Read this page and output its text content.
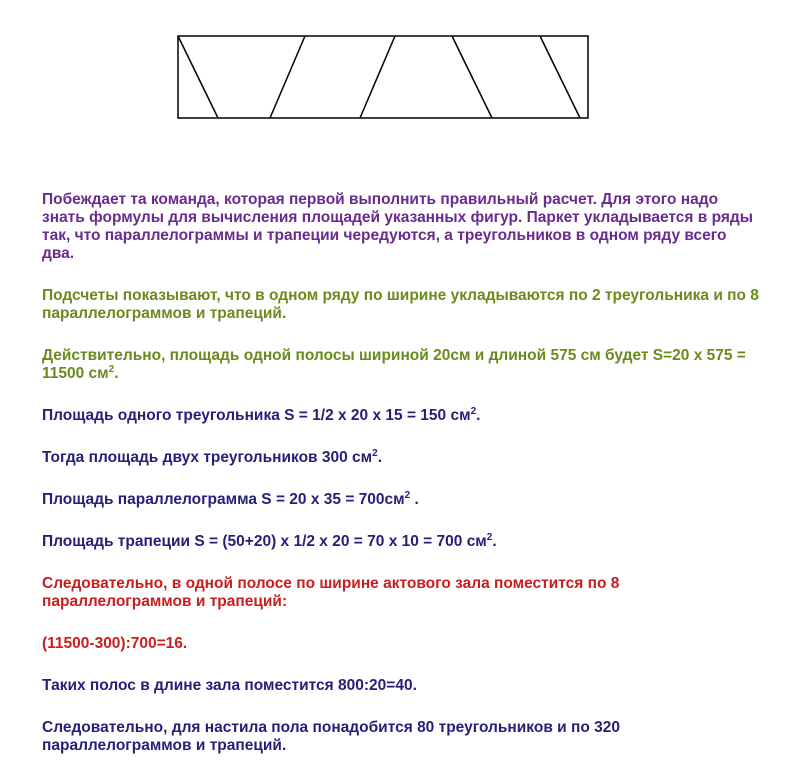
Побеждает та команда, которая первой выполнить правильный расчет. Для этого надо знать формулы для вычисления площадей указанных фигур. Паркет укладывается в ряды так, что параллелограммы и трапеции чередуются, а треугольников в одном ряду всего два.

Подсчеты показывают, что в одном ряду по ширине укладываются по 2 треугольника и по 8 параллелограммов и трапеций.

Действительно, площадь одной полосы шириной 20см и длиной 575 см будет S=20 х 575 = 11500 $см^2$.

Площадь одного треугольника S = 1/2 х 20 х 15 = 150 $см^2$.

Тогда площадь двух треугольников 300 $см^2$.

Площадь параллелограмма S = 20 х $35 = 700см^2$ .

Площадь трапеции S = (50+20) х 1/2 х 20 = 70 х 10 = 700 $см^2$.

Следовательно, в одной полосе по ширине актового зала поместится по 8 параллелограммов и трапеций:

(11500-300):700=16.

Таких полос в длине зала поместится 800:20=40.

Следовательно, для настила пола понадобится 80 треугольников и по 320 параллелограммов и трапеций.
